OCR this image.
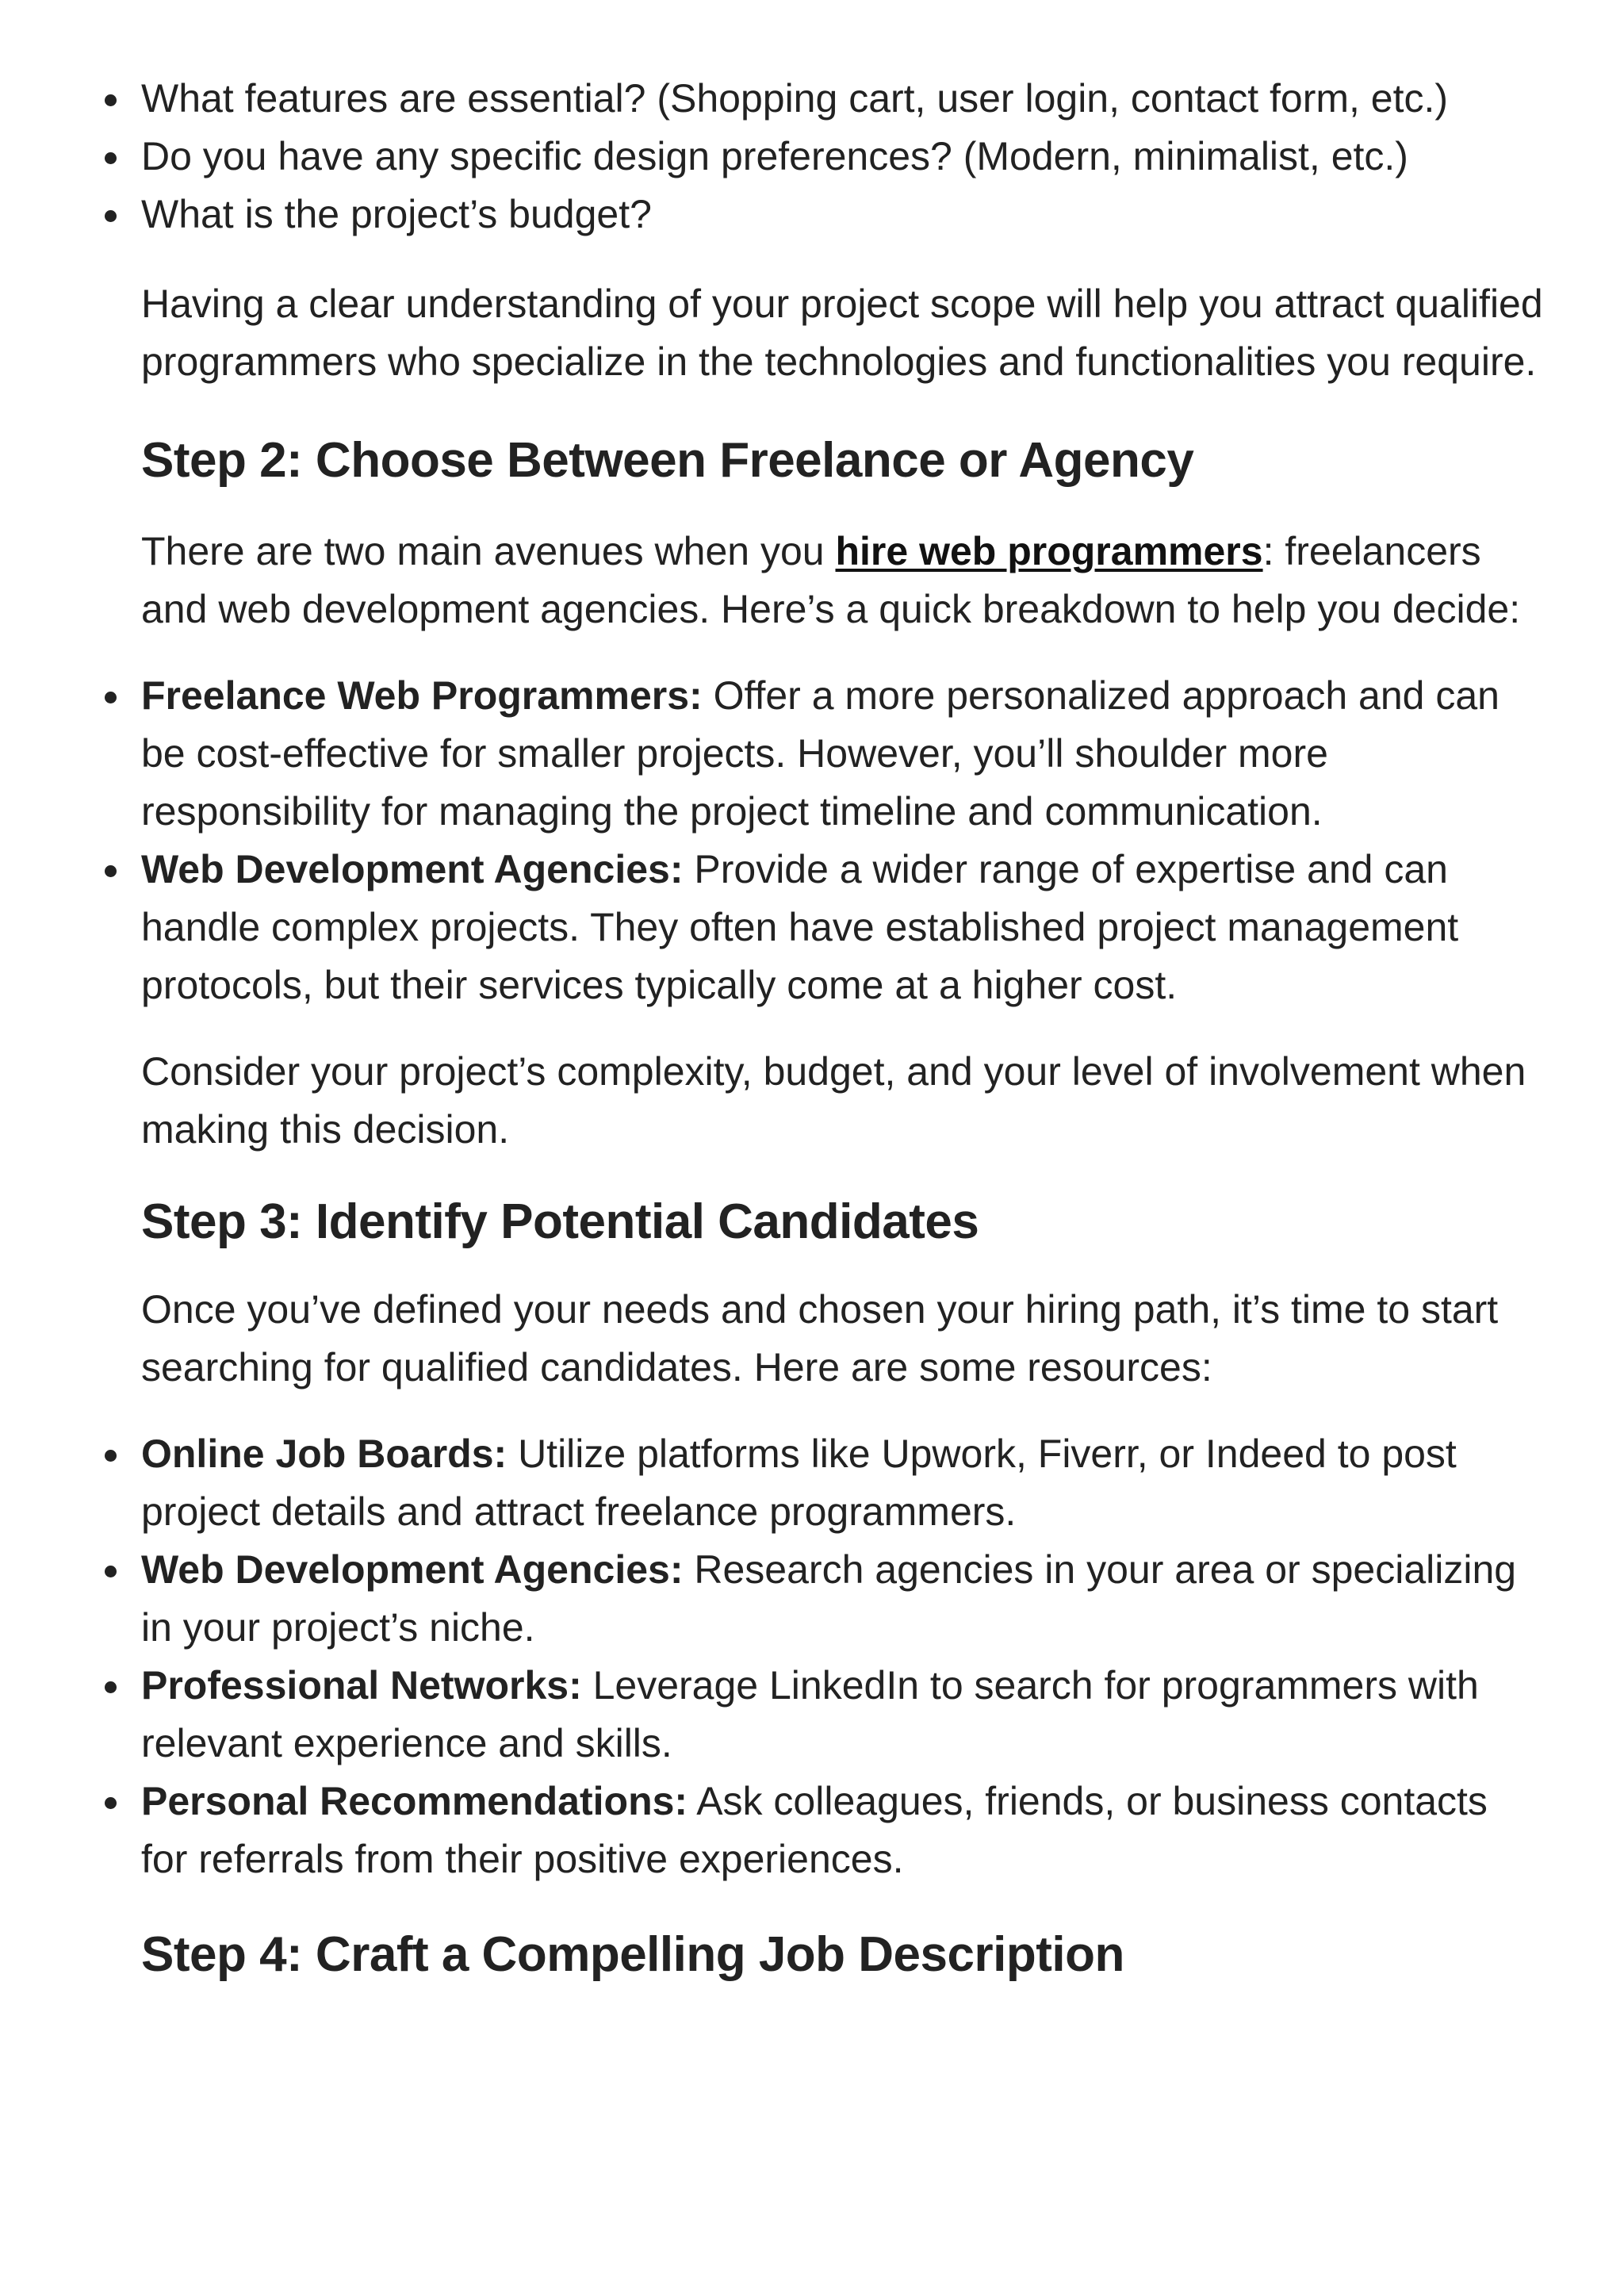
What features are essential? (Shopping cart, user login, contact form, etc.)
Do you have any specific design preferences? (Modern, minimalist, etc.)
What is the project’s budget?

Having a clear understanding of your project scope will help you attract qualified programmers who specialize in the technologies and functionalities you require.

Step 2: Choose Between Freelance or Agency

There are two main avenues when you hire web programmers: freelancers and web development agencies. Here’s a quick breakdown to help you decide:

Freelance Web Programmers: Offer a more personalized approach and can be cost-effective for smaller projects. However, you’ll shoulder more responsibility for managing the project timeline and communication.
Web Development Agencies: Provide a wider range of expertise and can handle complex projects. They often have established project management protocols, but their services typically come at a higher cost.

Consider your project’s complexity, budget, and your level of involvement when making this decision.

Step 3: Identify Potential Candidates

Once you’ve defined your needs and chosen your hiring path, it’s time to start searching for qualified candidates. Here are some resources:

Online Job Boards: Utilize platforms like Upwork, Fiverr, or Indeed to post project details and attract freelance programmers.
Web Development Agencies: Research agencies in your area or specializing in your project’s niche.
Professional Networks: Leverage LinkedIn to search for programmers with relevant experience and skills.
Personal Recommendations: Ask colleagues, friends, or business contacts for referrals from their positive experiences.
Step 4: Craft a Compelling Job Description
